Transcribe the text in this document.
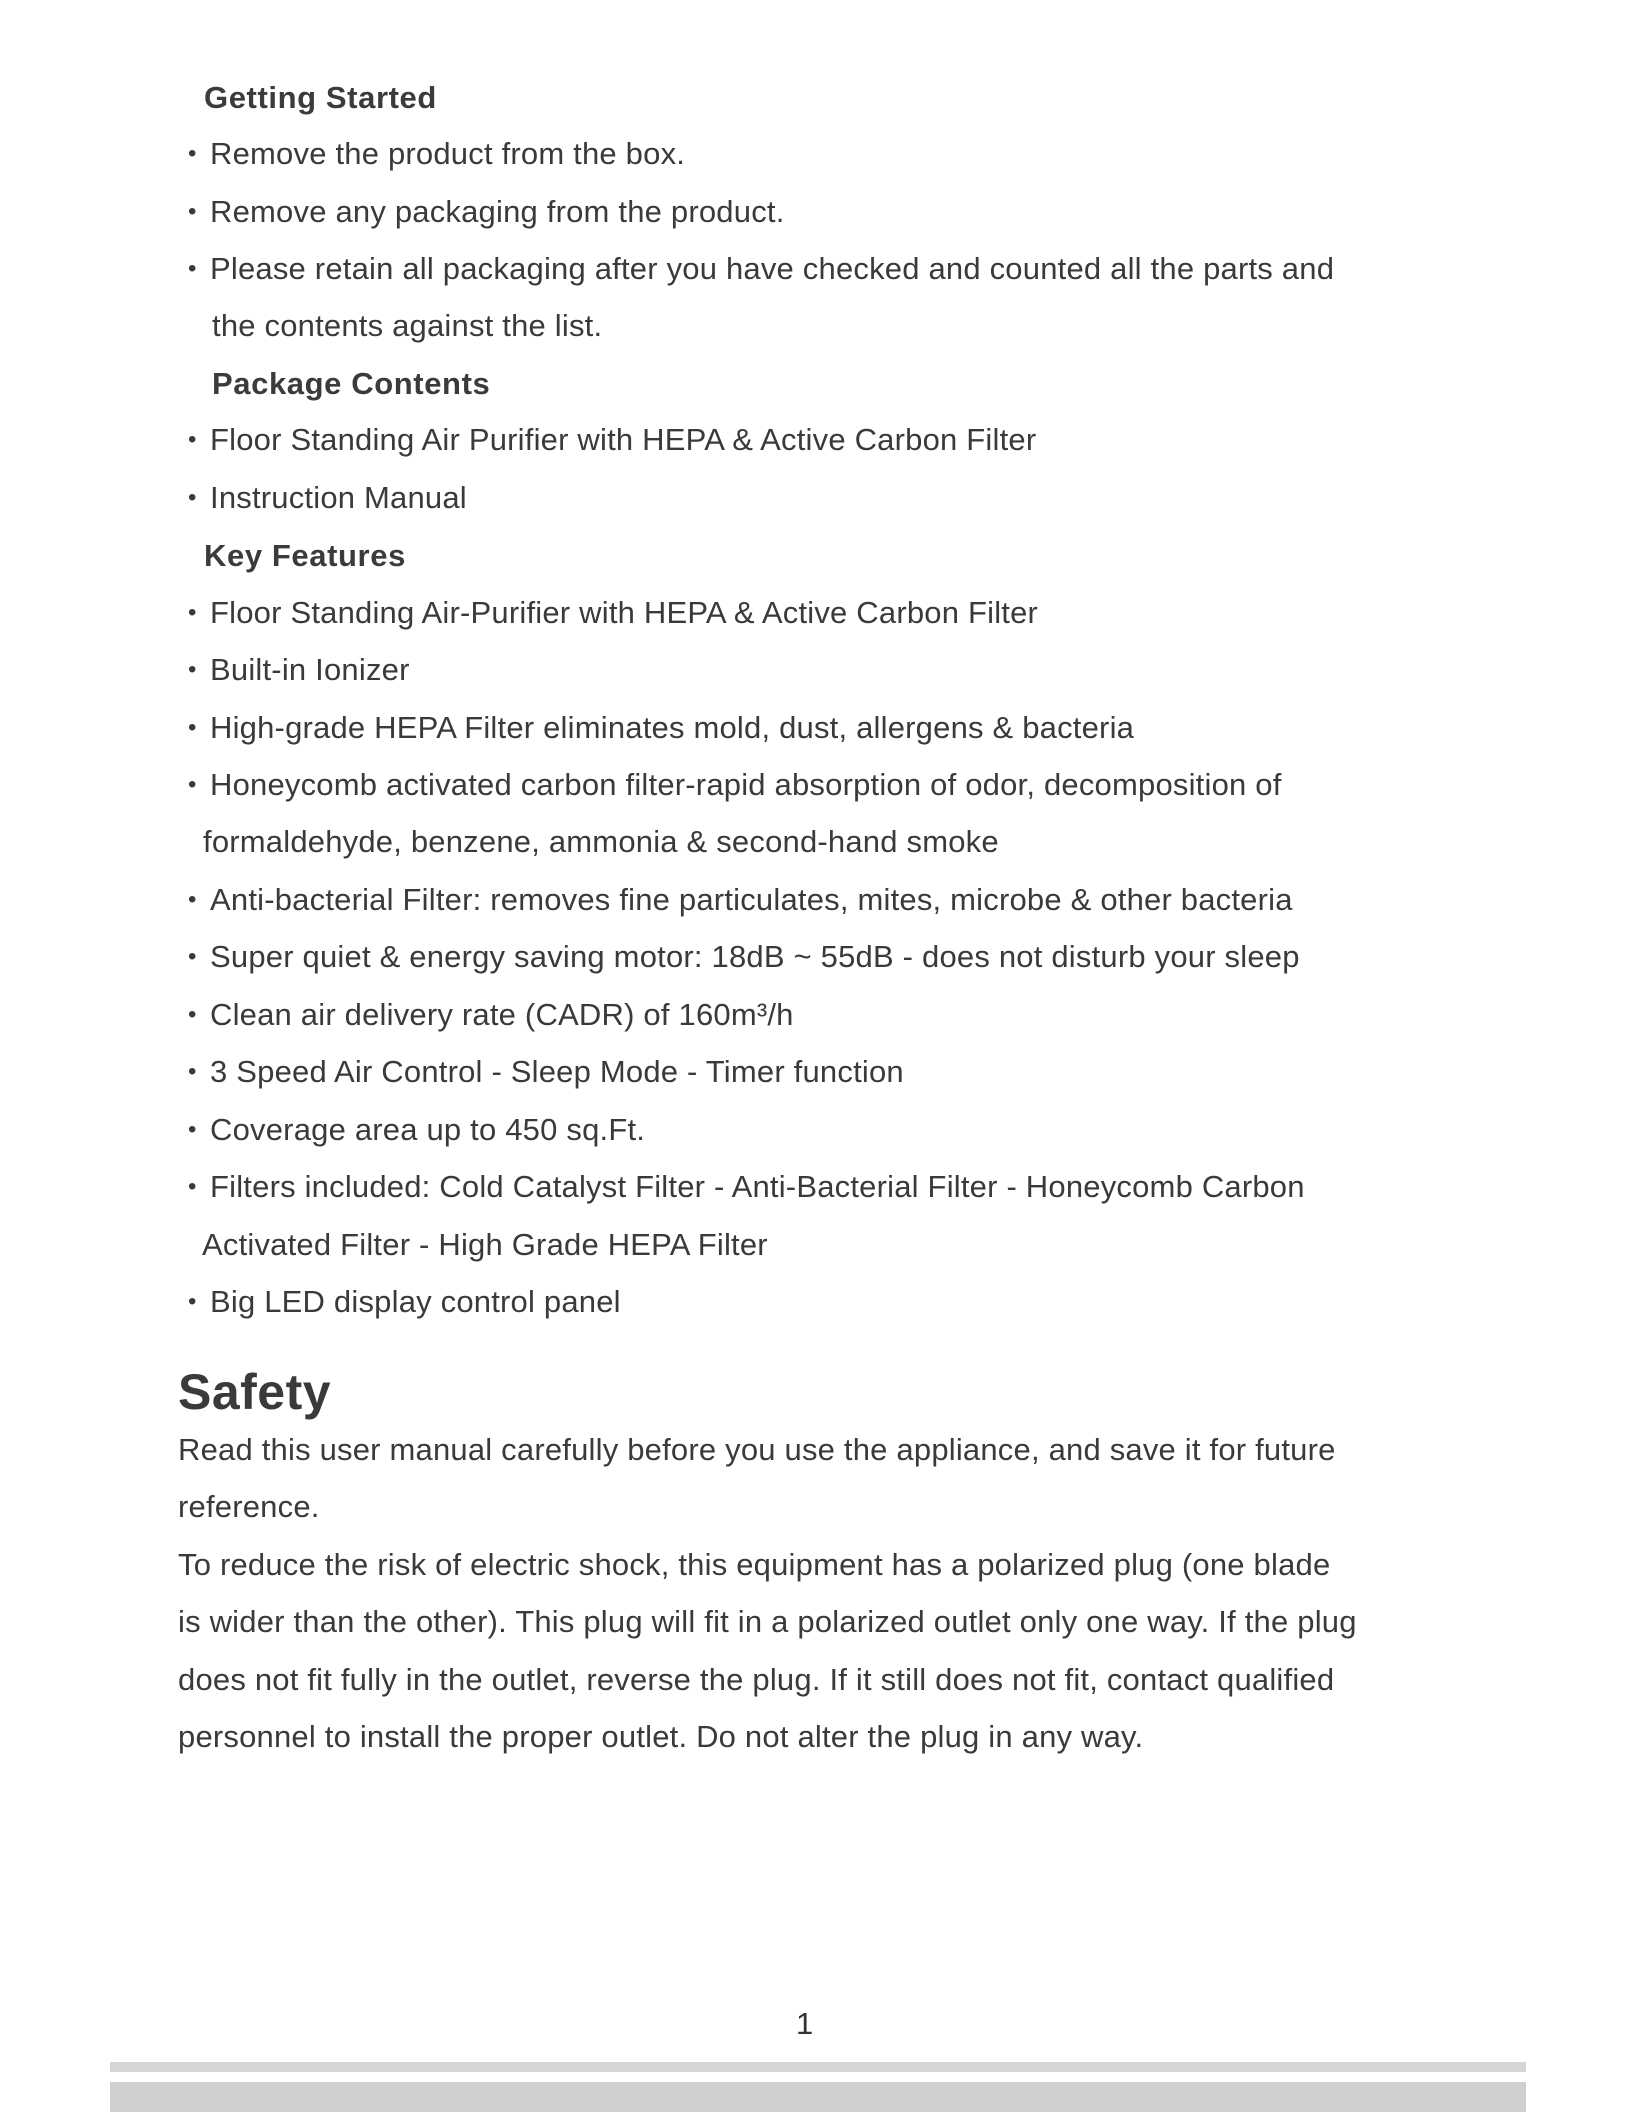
Getting Started
• Remove the product from the box.
• Remove any packaging from the product.
• Please retain all packaging after you have checked and counted all the parts and
the contents against the list.
Package Contents
• Floor Standing Air Purifier with HEPA & Active Carbon Filter
• Instruction Manual
Key Features
• Floor Standing Air-Purifier with HEPA & Active Carbon Filter
• Built-in Ionizer
• High-grade HEPA Filter eliminates mold, dust, allergens & bacteria
• Honeycomb activated carbon filter-rapid absorption of odor, decomposition of
formaldehyde, benzene, ammonia & second-hand smoke
• Anti-bacterial Filter: removes fine particulates, mites, microbe & other bacteria
• Super quiet & energy saving motor: 18dB ~ 55dB - does not disturb your sleep
• Clean air delivery rate (CADR) of 160m³/h
• 3 Speed Air Control - Sleep Mode - Timer function
• Coverage area up to 450 sq.Ft.
• Filters included: Cold Catalyst Filter - Anti-Bacterial Filter - Honeycomb Carbon
Activated Filter - High Grade HEPA Filter
• Big LED display control panel
Safety
Read this user manual carefully before you use the appliance, and save it for future
reference.
To reduce the risk of electric shock, this equipment has a polarized plug (one blade
is wider than the other). This plug will fit in a polarized outlet only one way. If the plug
does not fit fully in the outlet, reverse the plug. If it still does not fit, contact qualified
personnel to install the proper outlet. Do not alter the plug in any way.
1
